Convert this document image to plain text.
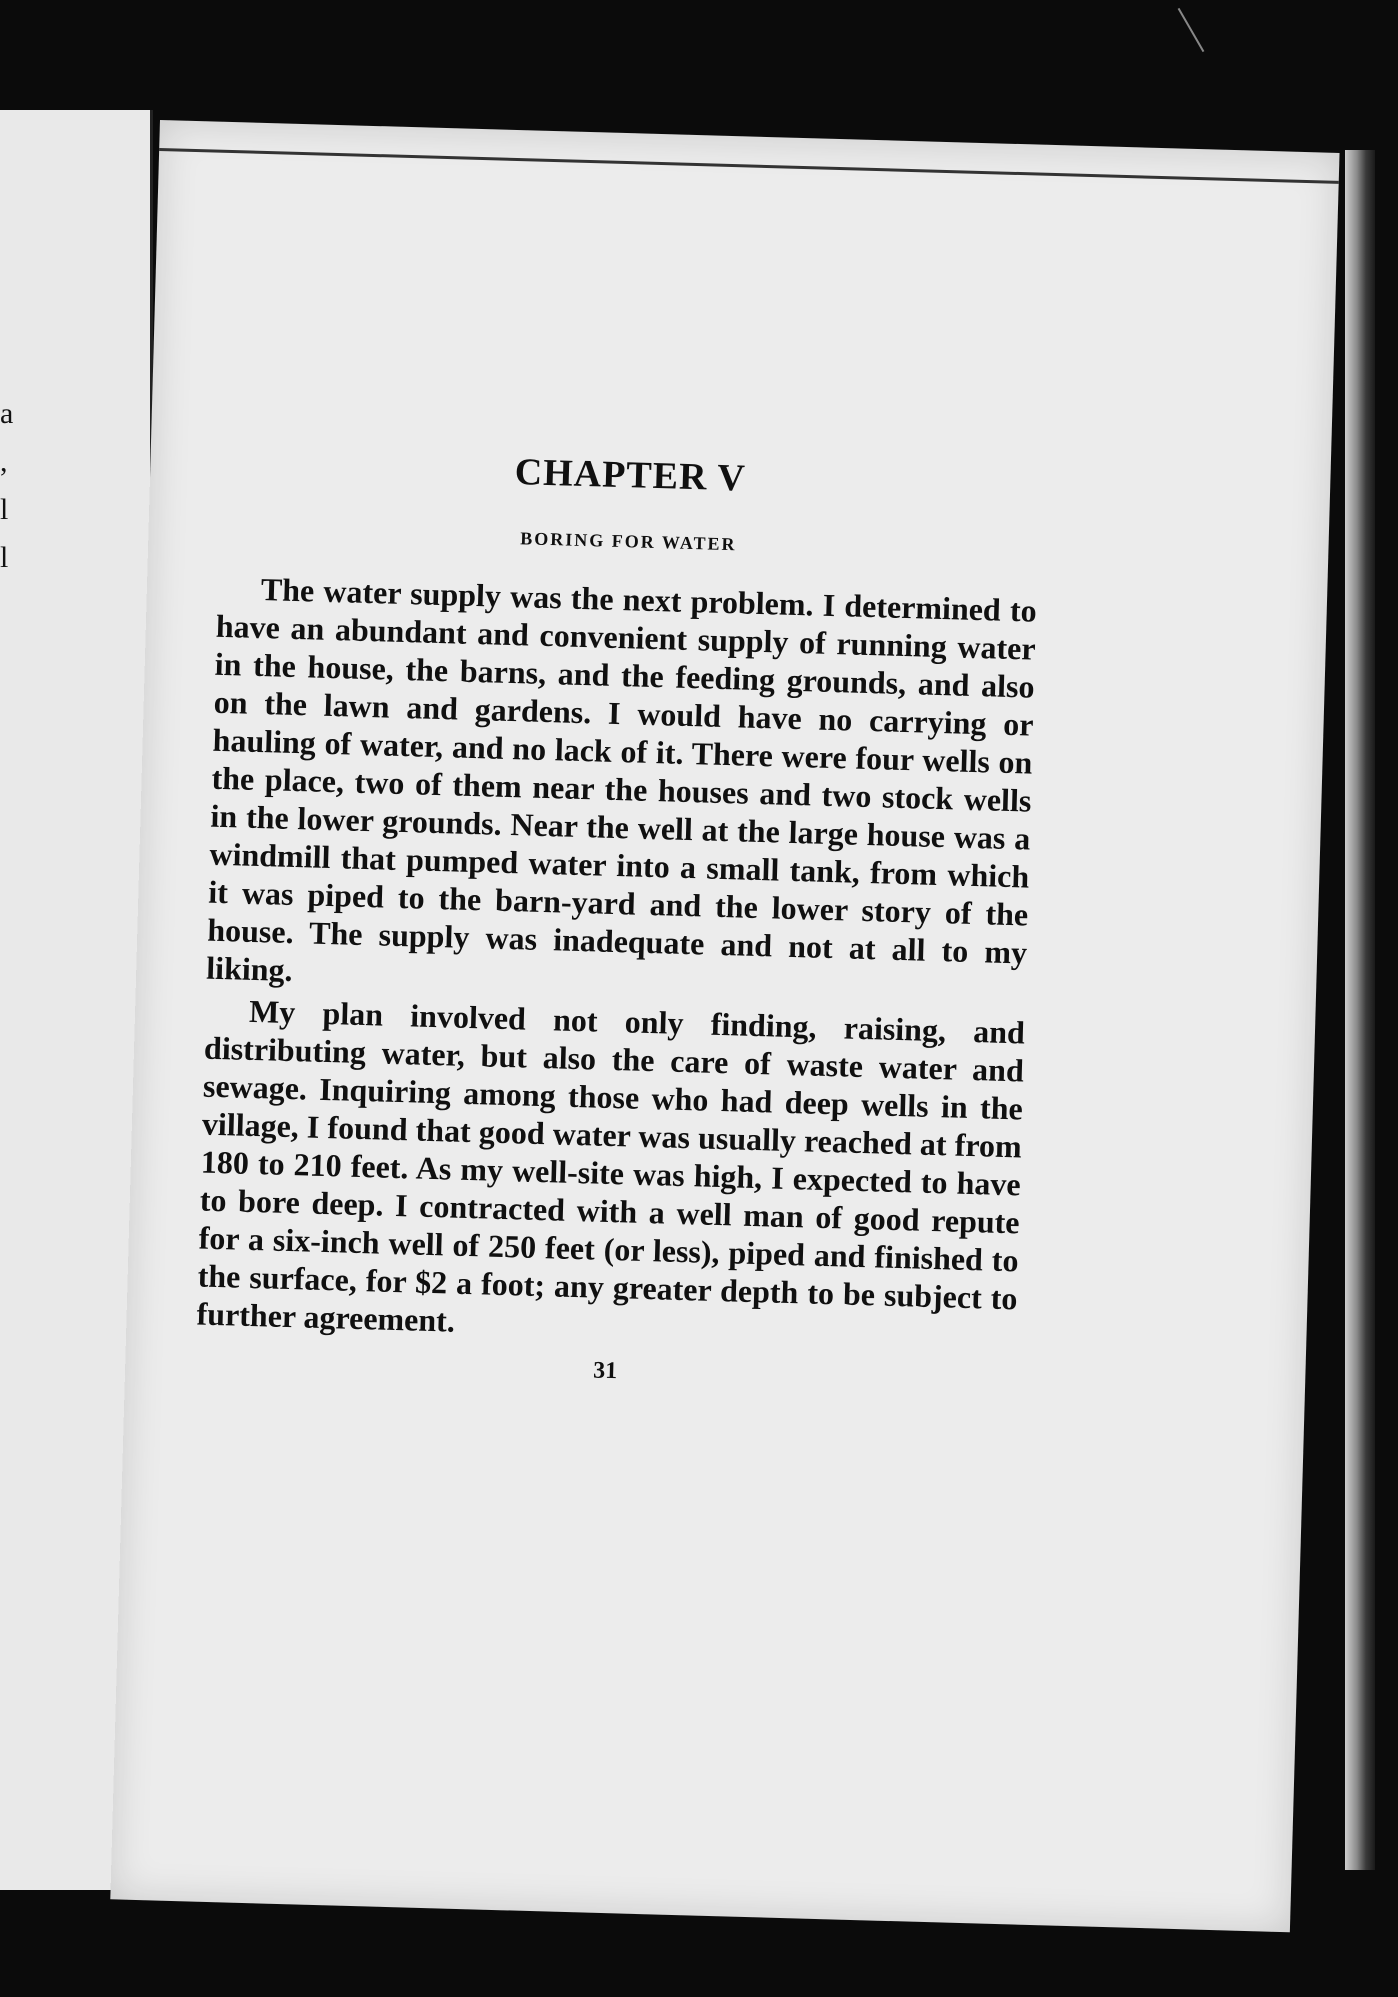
a
,
l
l
CHAPTER V
BORING FOR WATER

The water supply was the next problem. I determined to have an abundant and convenient supply of running water in the house, the barns, and the feeding grounds, and also on the lawn and gardens. I would have no carrying or hauling of water, and no lack of it. There were four wells on the place, two of them near the houses and two stock wells in the lower grounds. Near the well at the large house was a windmill that pumped water into a small tank, from which it was piped to the barn-yard and the lower story of the house. The supply was inadequate and not at all to my liking.

My plan involved not only finding, raising, and distributing water, but also the care of waste water and sewage. Inquiring among those who had deep wells in the village, I found that good water was usually reached at from 180 to 210 feet. As my well-site was high, I expected to have to bore deep. I contracted with a well man of good repute for a six-inch well of 250 feet (or less), piped and finished to the surface, for $2 a foot; any greater depth to be subject to further agreement.

31
